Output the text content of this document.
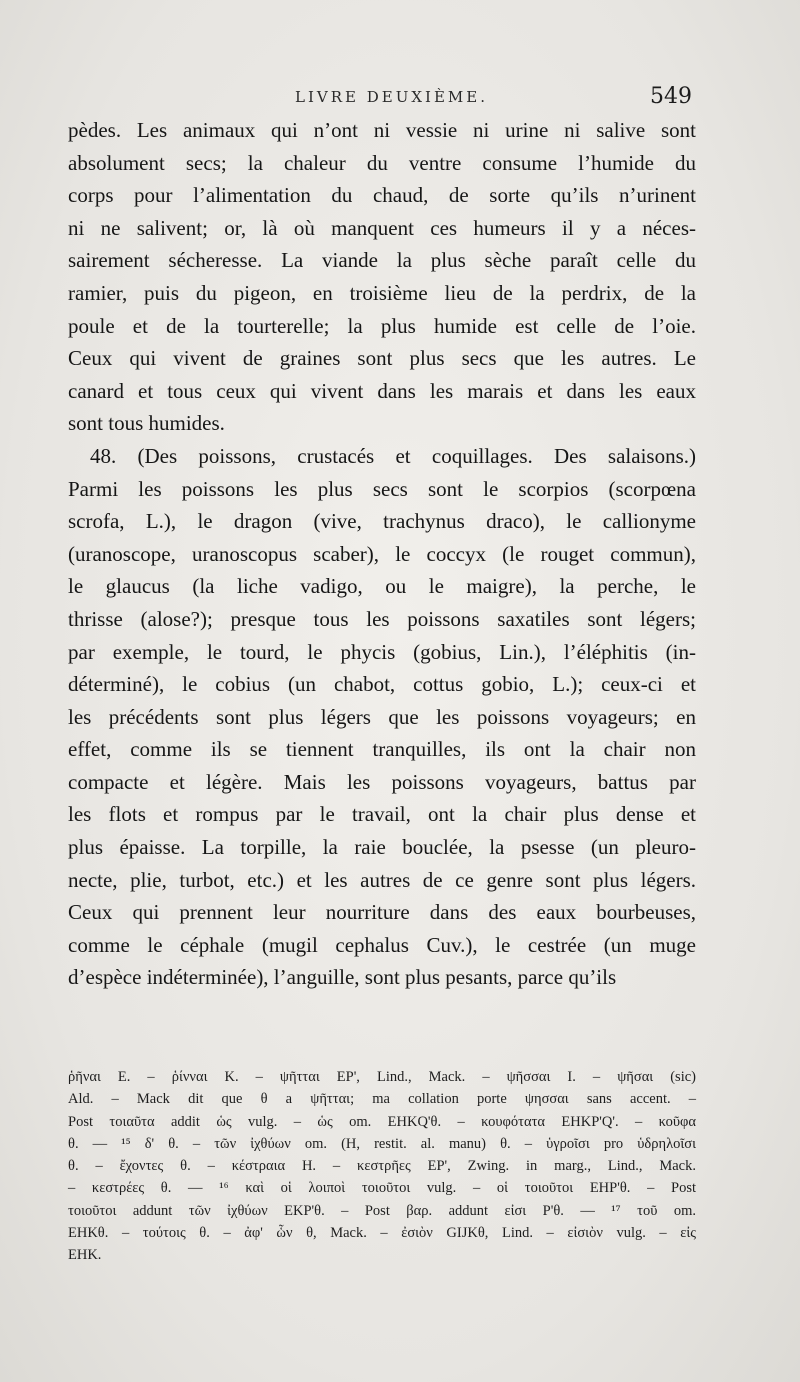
LIVRE DEUXIÈME.	549
pèdes. Les animaux qui n’ont ni vessie ni urine ni salive sont
absolument secs; la chaleur du ventre consume l’humide du
corps pour l’alimentation du chaud, de sorte qu’ils n’urinent
ni ne salivent; or, là où manquent ces humeurs il y a néces-
sairement sécheresse. La viande la plus sèche paraît celle du
ramier, puis du pigeon, en troisième lieu de la perdrix, de la
poule et de la tourterelle; la plus humide est celle de l’oie.
Ceux qui vivent de graines sont plus secs que les autres. Le
canard et tous ceux qui vivent dans les marais et dans les eaux
sont tous humides.
48. (Des poissons, crustacés et coquillages. Des salaisons.)
Parmi les poissons les plus secs sont le scorpios (scorpœna
scrofa, L.), le dragon (vive, trachynus draco), le callionyme
(uranoscope, uranoscopus scaber), le coccyx (le rouget commun),
le glaucus (la liche vadigo, ou le maigre), la perche, le
thrisse (alose?); presque tous les poissons saxatiles sont légers;
par exemple, le tourd, le phycis (gobius, Lin.), l’éléphitis (in-
déterminé), le cobius (un chabot, cottus gobio, L.); ceux-ci et
les précédents sont plus légers que les poissons voyageurs; en
effet, comme ils se tiennent tranquilles, ils ont la chair non
compacte et légère. Mais les poissons voyageurs, battus par
les flots et rompus par le travail, ont la chair plus dense et
plus épaisse. La torpille, la raie bouclée, la psesse (un pleuro-
necte, plie, turbot, etc.) et les autres de ce genre sont plus légers.
Ceux qui prennent leur nourriture dans des eaux bourbeuses,
comme le céphale (mugil cephalus Cuv.), le cestrée (un muge
d’espèce indéterminée), l’anguille, sont plus pesants, parce qu’ils
ῥῆναι E. – ῥίνναι K. – ψῆτται EP', Lind., Mack. – ψῆσσαι I. – ψῆσαι (sic)
Ald. – Mack dit que θ a ψῆτται; ma collation porte ψησσαι sans accent. –
Post τοιαῦτα addit ὡς vulg. – ὡς om. EHKQ'θ. – κουφότατα EHKP'Q'. – κοῦφα
θ. — ¹⁵ δ' θ. – τῶν ἰχθύων om. (H, restit. al. manu) θ. – ὑγροῖσι pro ὑδρηλοῖσι
θ. – ἔχοντες θ. – κέστραια H. – κεστρῆες EP', Zwing. in marg., Lind., Mack.
– κεστρέες θ. — ¹⁶ καὶ οἱ λοιποὶ τοιοῦτοι vulg. – οἱ τοιοῦτοι EHP'θ. – Post
τοιοῦτοι addunt τῶν ἰχθύων EKP'θ. – Post βαρ. addunt εἰσι P'θ. — ¹⁷ τοῦ om.
EHKθ. – τούτοις θ. – ἀφ' ὧν θ, Mack. – ἐσιὸν GIJKθ, Lind. – εἰσιὸν vulg. – εἰς
EHK.
